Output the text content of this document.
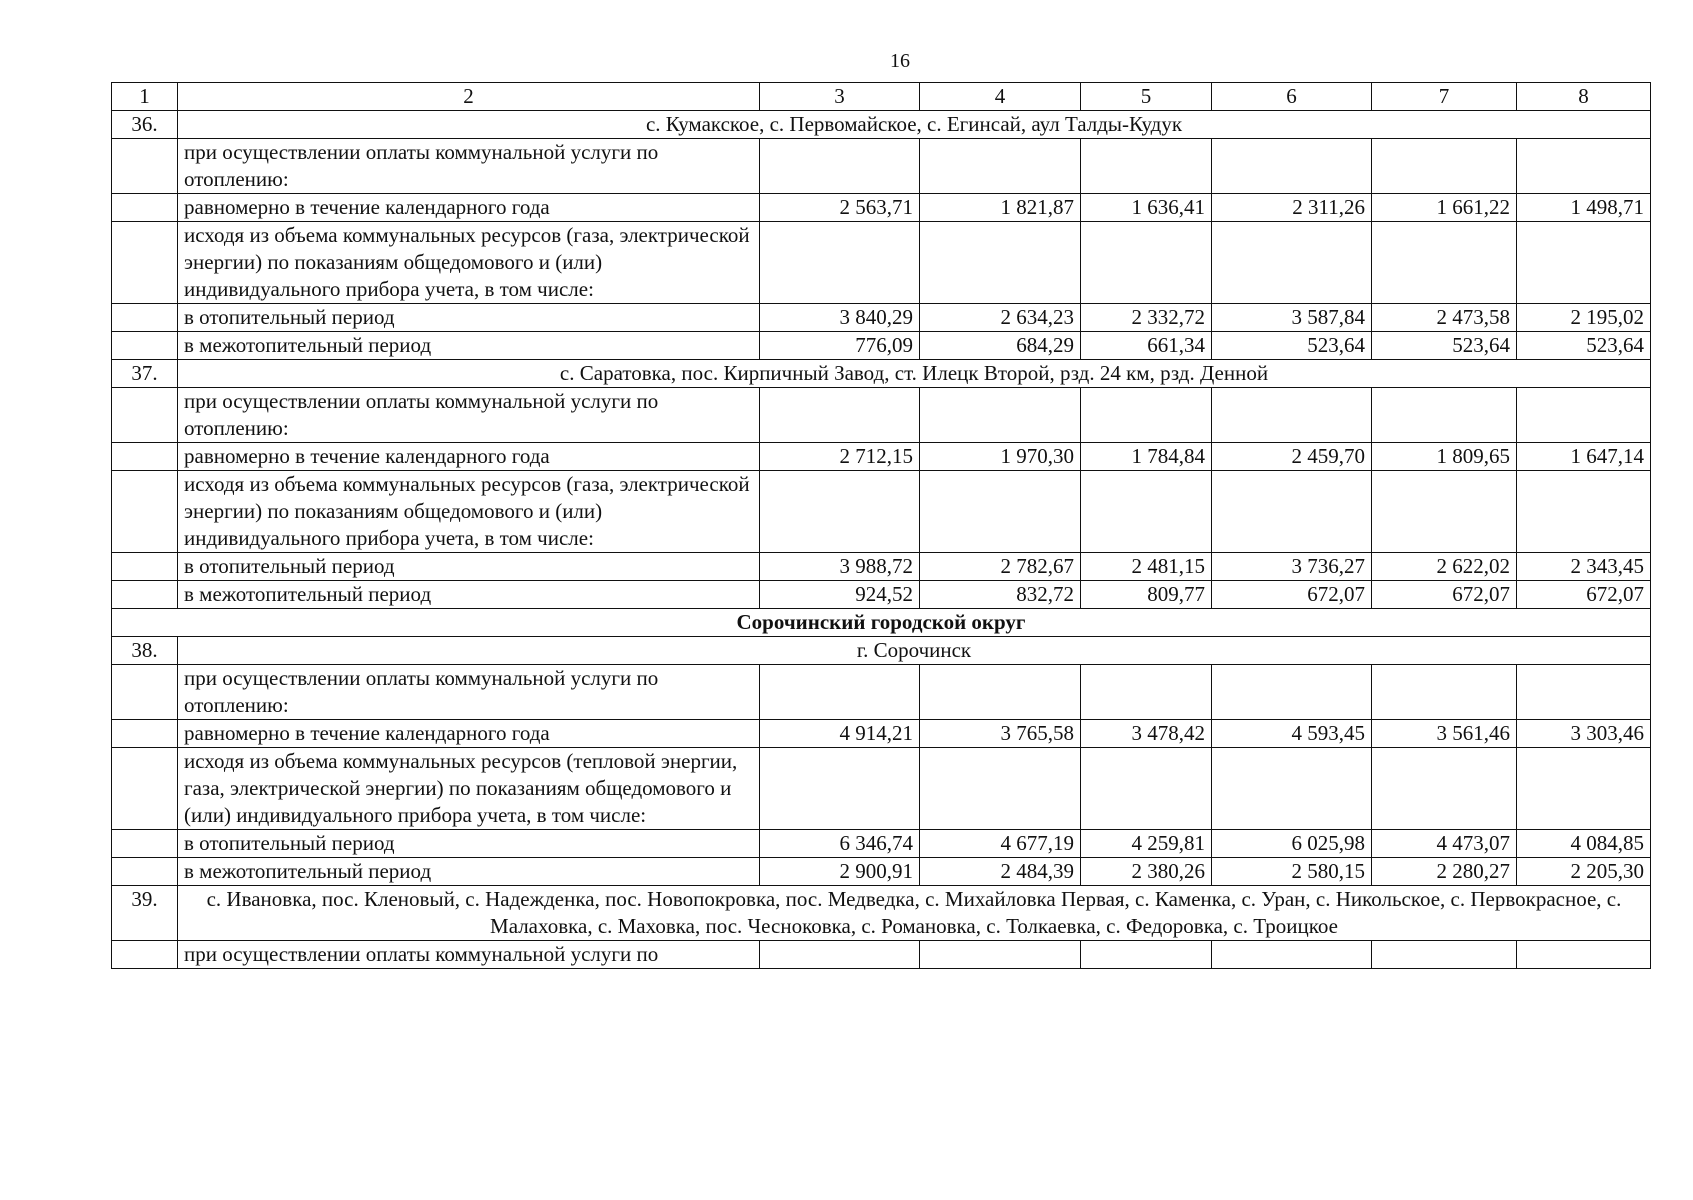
16
1	2	3	4	5	6	7	8
36.	с. Кумакское, с. Первомайское, с. Егинсай, аул Талды-Кудук						
	при осуществлении оплаты коммунальной услуги по отоплению:						
	равномерно в течение календарного года	2 563,71	1 821,87	1 636,41	2 311,26	1 661,22	1 498,71
	исходя из объема коммунальных ресурсов (газа, электрической энергии) по показаниям общедомового и (или) индивидуального прибора учета, в том числе:						
	в отопительный период	3 840,29	2 634,23	2 332,72	3 587,84	2 473,58	2 195,02
	в межотопительный период	776,09	684,29	661,34	523,64	523,64	523,64
37.	с. Саратовка, пос. Кирпичный Завод, ст. Илецк Второй, рзд. 24 км, рзд. Денной						
	при осуществлении оплаты коммунальной услуги по отоплению:						
	равномерно в течение календарного года	2 712,15	1 970,30	1 784,84	2 459,70	1 809,65	1 647,14
	исходя из объема коммунальных ресурсов (газа, электрической энергии) по показаниям общедомового и (или) индивидуального прибора учета, в том числе:						
	в отопительный период	3 988,72	2 782,67	2 481,15	3 736,27	2 622,02	2 343,45
	в межотопительный период	924,52	832,72	809,77	672,07	672,07	672,07
Сорочинский городской округ							
38.	г. Сорочинск						
	при осуществлении оплаты коммунальной услуги по отоплению:						
	равномерно в течение календарного года	4 914,21	3 765,58	3 478,42	4 593,45	3 561,46	3 303,46
	исходя из объема коммунальных ресурсов (тепловой энергии, газа, электрической энергии) по показаниям общедомового и (или) индивидуального прибора учета, в том числе:						
	в отопительный период	6 346,74	4 677,19	4 259,81	6 025,98	4 473,07	4 084,85
	в межотопительный период	2 900,91	2 484,39	2 380,26	2 580,15	2 280,27	2 205,30
39.	с. Ивановка, пос. Кленовый, с. Надежденка, пос. Новопокровка, пос. Медведка, с. Михайловка Первая, с. Каменка, с. Уран, с. Никольское, с. Первокрасное, с. Малаховка, с. Маховка, пос. Чесноковка, с. Романовка, с. Толкаевка, с. Федоровка, с. Троицкое						
	при осуществлении оплаты коммунальной услуги по						
